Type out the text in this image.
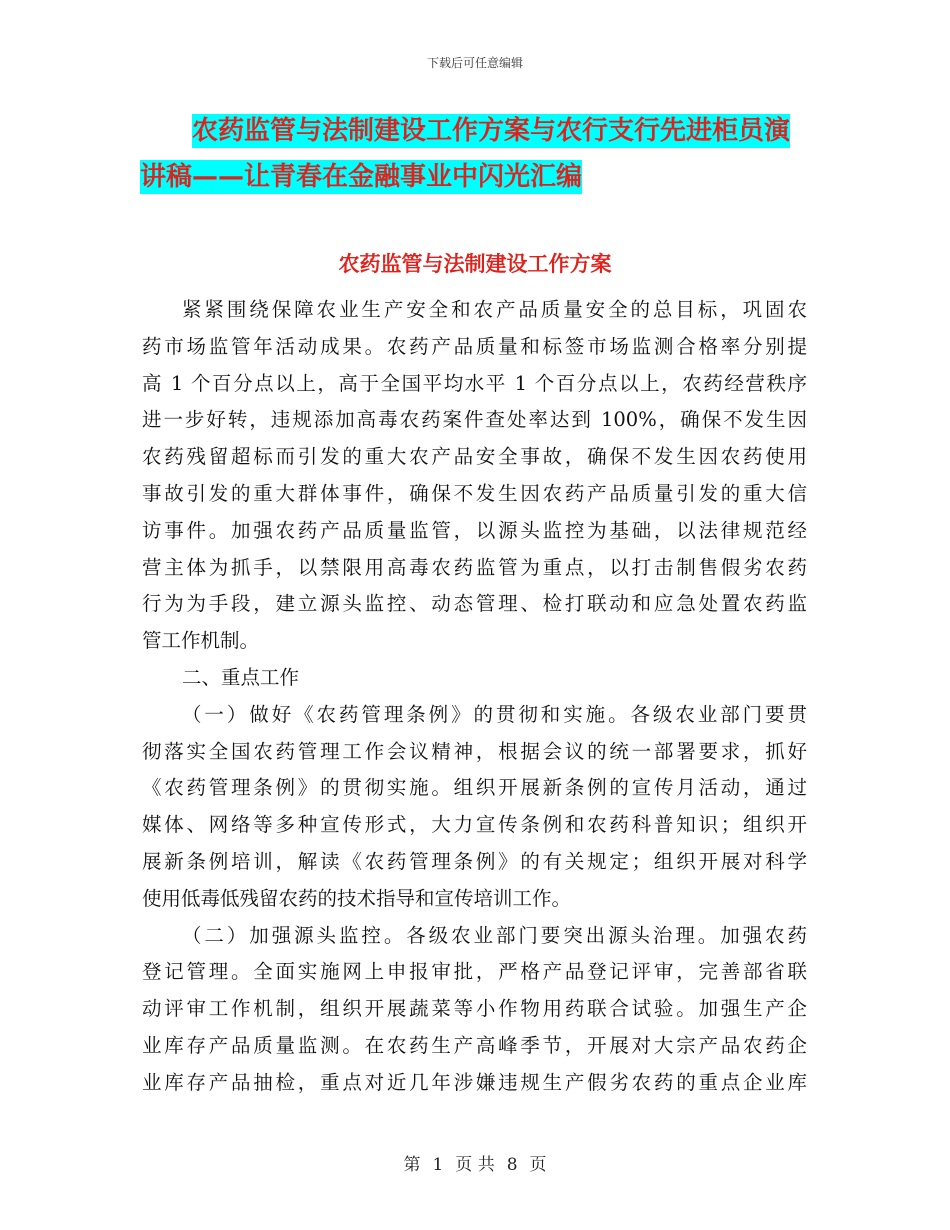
下载后可任意编辑
农药监管与法制建设工作方案与农行支行先进柜员演
讲稿——让青春在金融事业中闪光汇编
农药监管与法制建设工作方案
紧紧围绕保障农业生产安全和农产品质量安全的总目标，巩固农
药市场监管年活动成果。农药产品质量和标签市场监测合格率分别提
高 1 个百分点以上，高于全国平均水平 1 个百分点以上，农药经营秩序
进一步好转，违规添加高毒农药案件查处率达到 100%，确保不发生因
农药残留超标而引发的重大农产品安全事故，确保不发生因农药使用
事故引发的重大群体事件，确保不发生因农药产品质量引发的重大信
访事件。加强农药产品质量监管，以源头监控为基础，以法律规范经
营主体为抓手，以禁限用高毒农药监管为重点，以打击制售假劣农药
行为为手段，建立源头监控、动态管理、检打联动和应急处置农药监
管工作机制。
二、重点工作
（一）做好《农药管理条例》的贯彻和实施。各级农业部门要贯
彻落实全国农药管理工作会议精神，根据会议的统一部署要求，抓好
《农药管理条例》的贯彻实施。组织开展新条例的宣传月活动，通过
媒体、网络等多种宣传形式，大力宣传条例和农药科普知识；组织开
展新条例培训，解读《农药管理条例》的有关规定；组织开展对科学
使用低毒低残留农药的技术指导和宣传培训工作。
（二）加强源头监控。各级农业部门要突出源头治理。加强农药
登记管理。全面实施网上申报审批，严格产品登记评审，完善部省联
动评审工作机制，组织开展蔬菜等小作物用药联合试验。加强生产企
业库存产品质量监测。在农药生产高峰季节，开展对大宗产品农药企
业库存产品抽检，重点对近几年涉嫌违规生产假劣农药的重点企业库
第 1 页 共 8 页
